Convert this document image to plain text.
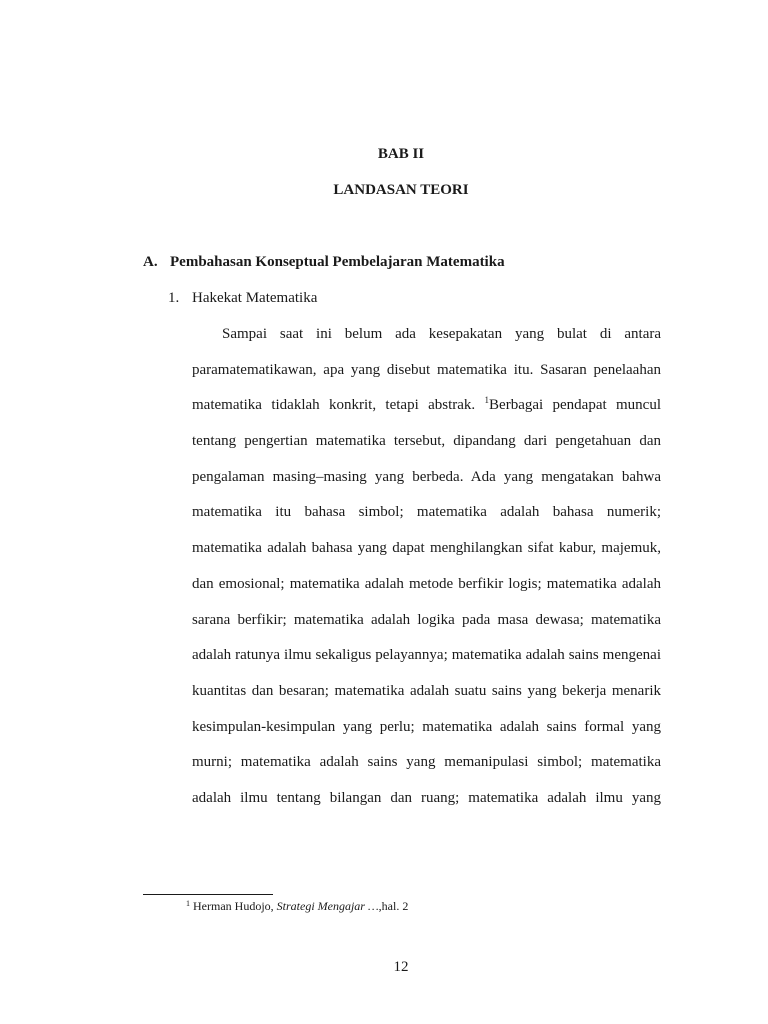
BAB II
LANDASAN TEORI
A. Pembahasan Konseptual Pembelajaran Matematika
1. Hakekat Matematika
Sampai saat ini belum ada kesepakatan yang bulat di antara
paramatematikawan, apa yang disebut matematika itu. Sasaran penelaahan
matematika tidaklah konkrit, tetapi abstrak. $^1$Berbagai pendapat muncul
tentang pengertian matematika tersebut, dipandang dari pengetahuan dan
pengalaman masing–masing yang berbeda. Ada yang mengatakan bahwa
matematika itu bahasa simbol; matematika adalah bahasa numerik;
matematika adalah bahasa yang dapat menghilangkan sifat kabur, majemuk,
dan emosional; matematika adalah metode berfikir logis; matematika adalah
sarana berfikir; matematika adalah logika pada masa dewasa; matematika
adalah ratunya ilmu sekaligus pelayannya; matematika adalah sains mengenai
kuantitas dan besaran; matematika adalah suatu sains yang bekerja menarik
kesimpulan-kesimpulan yang perlu; matematika adalah sains formal yang
murni; matematika adalah sains yang memanipulasi simbol; matematika
adalah ilmu tentang bilangan dan ruang; matematika adalah ilmu yang
$^1$ Herman Hudojo, Strategi Mengajar …,hal. 2
12
